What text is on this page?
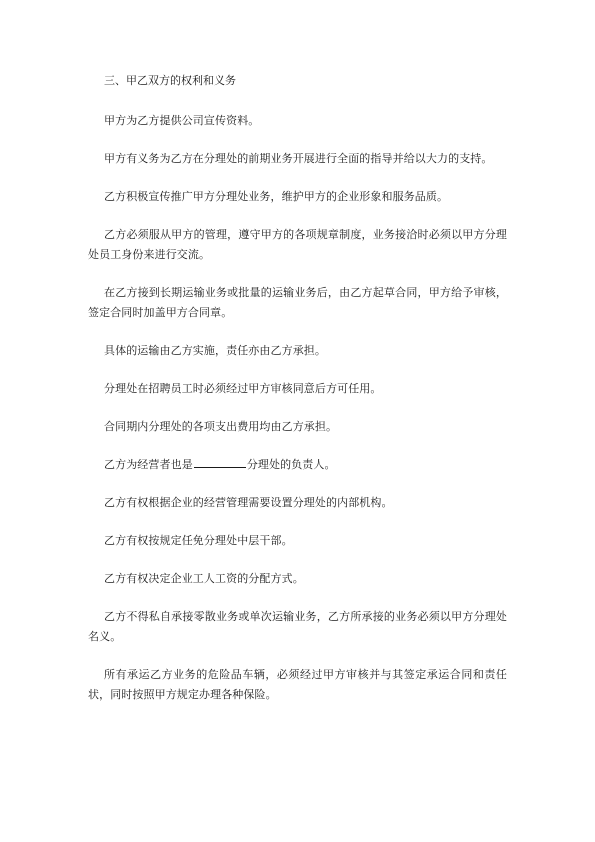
三、甲乙双方的权利和义务

甲方为乙方提供公司宣传资料。

甲方有义务为乙方在分理处的前期业务开展进行全面的指导并给以大力的支持。

乙方积极宣传推广甲方分理处业务，维护甲方的企业形象和服务品质。

乙方必须服从甲方的管理，遵守甲方的各项规章制度，业务接洽时必须以甲方分理处员工身份来进行交流。

在乙方接到长期运输业务或批量的运输业务后，由乙方起草合同，甲方给予审核，签定合同时加盖甲方合同章。

具体的运输由乙方实施，责任亦由乙方承担。

分理处在招聘员工时必须经过甲方审核同意后方可任用。

合同期内分理处的各项支出费用均由乙方承担。

乙方为经营者也是	分理处的负责人。

乙方有权根据企业的经营管理需要设置分理处的内部机构。

乙方有权按规定任免分理处中层干部。

乙方有权决定企业工人工资的分配方式。

乙方不得私自承接零散业务或单次运输业务，乙方所承接的业务必须以甲方分理处名义。

所有承运乙方业务的危险品车辆，必须经过甲方审核并与其签定承运合同和责任状，同时按照甲方规定办理各种保险。
